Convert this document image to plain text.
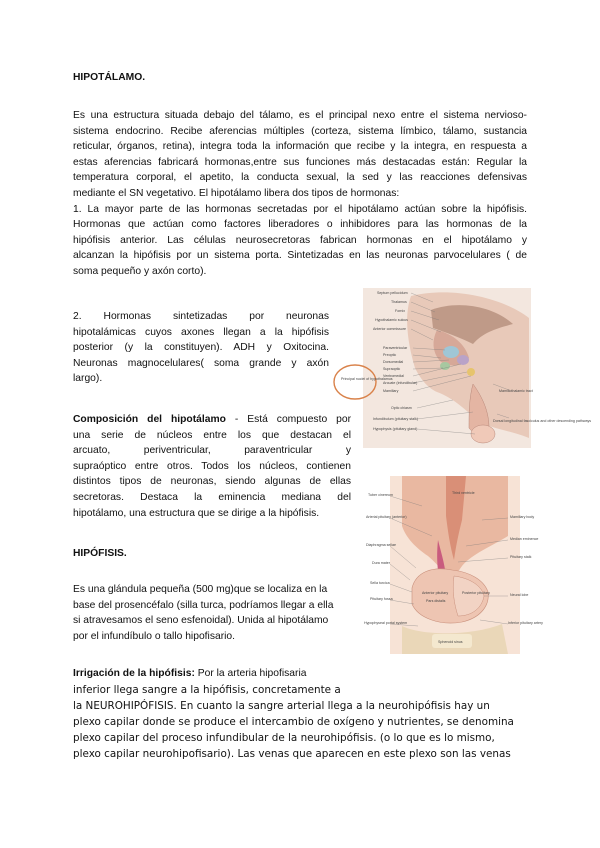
HIPOTÁLAMO.
Es una estructura situada debajo del tálamo, es el principal nexo entre el sistema nervioso-
sistema endocrino. Recibe aferencias múltiples (corteza, sistema límbico, tálamo, sustancia
reticular, órganos, retina), integra toda la información que recibe y la integra, en respuesta a
estas aferencias fabricará hormonas,entre sus funciones más destacadas están: Regular la
temperatura corporal, el apetito, la conducta sexual, la sed y las reacciones defensivas
mediante el SN vegetativo. El hipotálamo libera dos tipos de hormonas:
1. La mayor parte de las hormonas secretadas por el hipotálamo actúan sobre la hipófisis.
Hormonas que actúan como factores liberadores o inhibidores para las hormonas de la
hipófisis anterior. Las células neurosecretoras fabrican hormonas en el hipotálamo y
alcanzan la hipófisis por un sistema porta. Sintetizadas en las neuronas parvocelulares ( de
soma pequeño y axón corto).
2. Hormonas sintetizadas por neuronas
hipotalámicas cuyos axones llegan a la hipófisis
posterior (y la constituyen). ADH y Oxitocina.
Neuronas magnocelulares( soma grande y axón
largo).
Composición del hipotálamo - Está compuesto por
una serie de núcleos entre los que destacan el
arcuato, periventricular, paraventricular y
supraóptico entre otros. Todos los núcleos, contienen
distintos tipos de neuronas, siendo algunas de ellas
secretoras. Destaca la eminencia mediana del
hipotálamo, una estructura que se dirige a la hipófisis.
HIPÓFISIS.
Es una glándula pequeña (500 mg)que se localiza en la
base del prosencéfalo (silla turca, podríamos llegar a ella
si atravesamos el seno esfenoidal). Unida al hipotálamo
por el infundíbulo o tallo hipofisario.
Irrigación de la hipófisis: Por la arteria hipofisaria
inferior llega sangre a la hipófisis, concretamente a
la NEUROHIPÓFISIS. En cuanto la sangre arterial llega a la neurohipófisis hay un
plexo capilar donde se produce el intercambio de oxígeno y nutrientes, se denomina
plexo capilar del proceso infundibular de la neurohipófisis. (o lo que es lo mismo,
plexo capilar neurohipofisario). Las venas que aparecen en este plexo son las venas
Septum pellucidum
Thalamus
Fornix
Hypothalamic sulcus
Anterior commissure
Paraventricular
Preoptic
Dorsomedial
Supraoptic
Ventromedial
Arcuate (infundibular)
Mamillary
Optic chiasm
Infundibulum (pituitary stalk)
Hypophysis (pituitary gland)
Principal nuclei of hypothalamus
Mamillothalamic tract
Dorsal longitudinal fasciculus and other descending pathways
Tuber cinereum
Arterial pituitary (anterior)
Diaphragma sellae
Dura mater
Sella turcica
Pituitary fossa
Hypophyseal portal system
Third ventricle
Anterior pituitary
Pars distalis
Posterior pituitary
Sphenoid sinus
Mamillary body
Median eminence
Pituitary stalk
Neural lobe
Inferior pituitary artery
